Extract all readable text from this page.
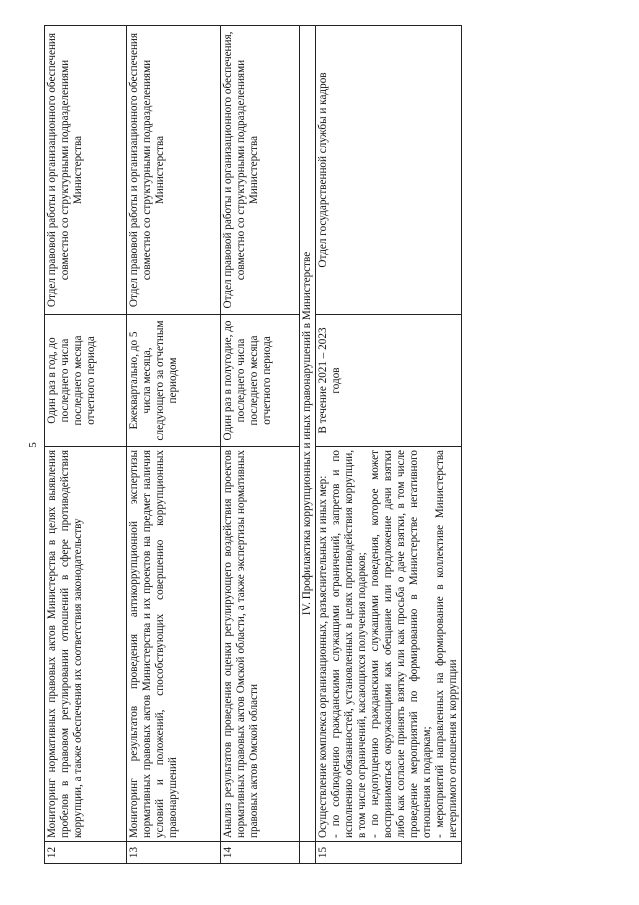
5
12	Мониторинг нормативных правовых актов Министерства в целях выявления пробелов в правовом регулировании отношений в сфере противодействия коррупции, а также обеспечения их соответствия законодательству	Один раз в год, до последнего числа последнего месяца отчетного периода	Отдел правовой работы и организационного обеспечения совместно со структурными подразделениями Министерства
13	Мониторинг результатов проведения антикоррупционной экспертизы нормативных правовых актов Министерства и их проектов на предмет наличия условий и положений, способствующих совершению коррупционных правонарушений	Ежеквартально, до 5 числа месяца, следующего за отчетным периодом	Отдел правовой работы и организационного обеспечения совместно со структурными подразделениями Министерства
14	Анализ результатов проведения оценки регулирующего воздействия проектов нормативных правовых актов Омской области, а также экспертизы нормативных правовых актов Омской области	Один раз в полугодие, до последнего числа последнего месяца отчетного периода	Отдел правовой работы и организационного обеспечения, совместно со структурными подразделениями Министерства
	IV. Профилактика коррупционных и иных правонарушений в Министерстве		
15	Осуществление комплекса организационных, разъяснительных и иных мер: - по соблюдению гражданскими служащими ограничений, запретов и по исполнению обязанностей, установленных в целях противодействия коррупции, в том числе ограничений, касающихся получения подарков; - по недопущению гражданскими служащими поведения, которое может восприниматься окружающими как обещание или предложение дачи взятки либо как согласие принять взятку или как просьба о даче взятки, в том числе проведение мероприятий по формированию в Министерстве негативного отношения к подаркам; - мероприятий направленных на формирование в коллективе Министерства нетерпимого отношения к коррупции	В течение 2021 – 2023 годов	Отдел государственной службы и кадров
